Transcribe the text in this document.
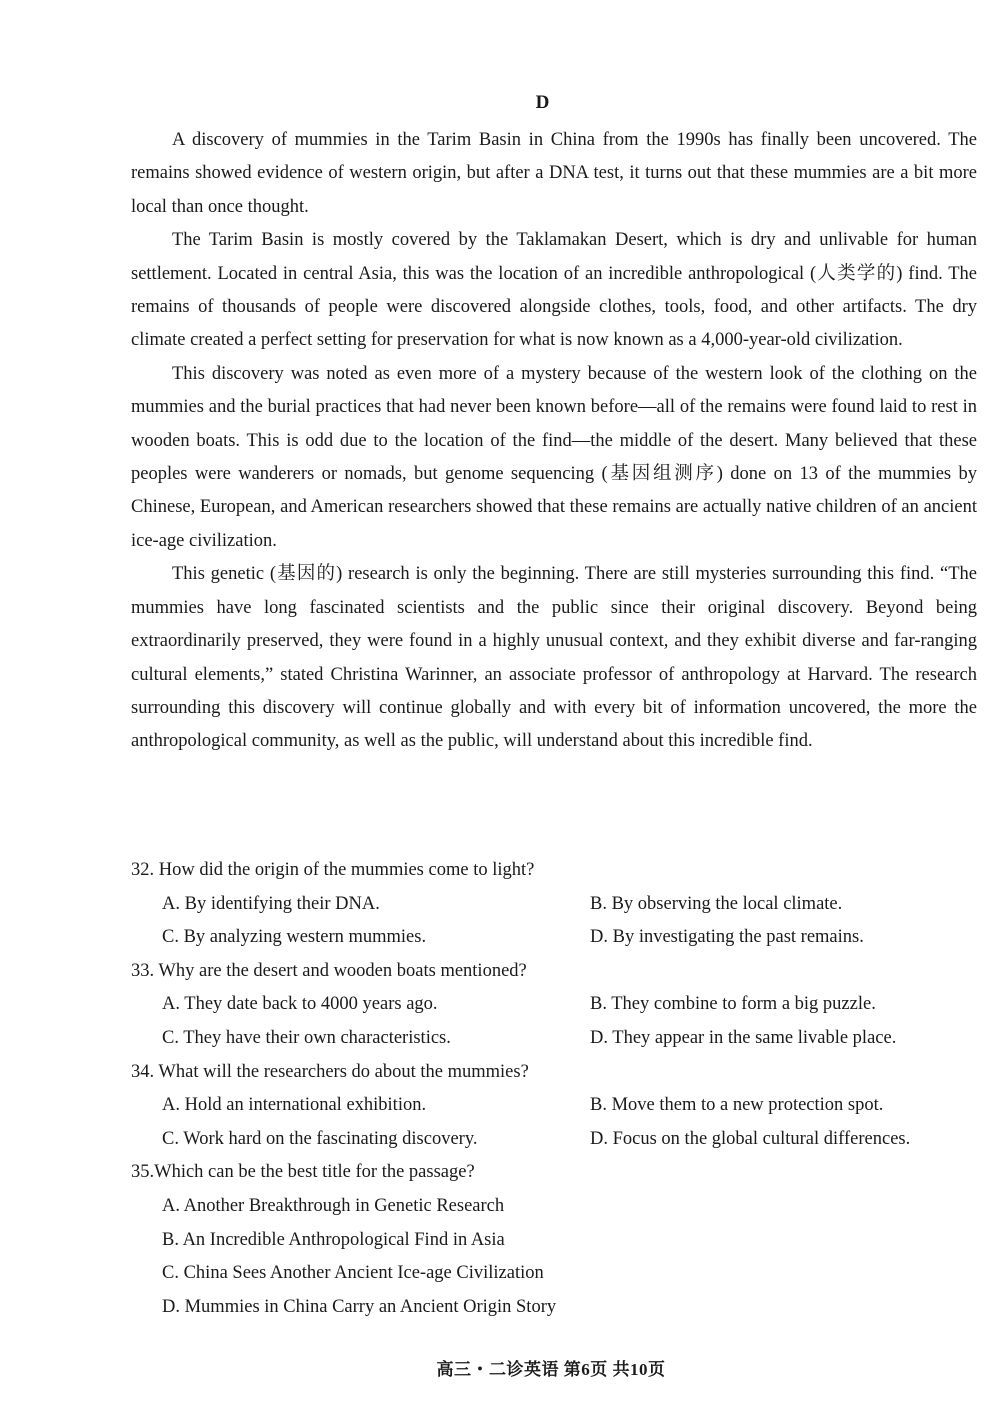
D

A discovery of mummies in the Tarim Basin in China from the 1990s has finally been uncovered. The remains showed evidence of western origin, but after a DNA test, it turns out that these mummies are a bit more local than once thought.

The Tarim Basin is mostly covered by the Taklamakan Desert, which is dry and unlivable for human settlement. Located in central Asia, this was the location of an incredible anthropological (人类学的) find. The remains of thousands of people were discovered alongside clothes, tools, food, and other artifacts. The dry climate created a perfect setting for preservation for what is now known as a 4,000-year-old civilization.

This discovery was noted as even more of a mystery because of the western look of the clothing on the mummies and the burial practices that had never been known before—all of the remains were found laid to rest in wooden boats. This is odd due to the location of the find—the middle of the desert. Many believed that these peoples were wanderers or nomads, but genome sequencing (基因组测序) done on 13 of the mummies by Chinese, European, and American researchers showed that these remains are actually native children of an ancient ice-age civilization.

This genetic (基因的) research is only the beginning. There are still mysteries surrounding this find. “The mummies have long fascinated scientists and the public since their original discovery. Beyond being extraordinarily preserved, they were found in a highly unusual context, and they exhibit diverse and far-ranging cultural elements,” stated Christina Warinner, an associate professor of anthropology at Harvard. The research surrounding this discovery will continue globally and with every bit of information uncovered, the more the anthropological community, as well as the public, will understand about this incredible find.

32. How did the origin of the mummies come to light?

A. By identifying their DNA.	B. By observing the local climate.
C. By analyzing western mummies.	D. By investigating the past remains.

33. Why are the desert and wooden boats mentioned?

A. They date back to 4000 years ago.	B. They combine to form a big puzzle.
C. They have their own characteristics.	D. They appear in the same livable place.

34. What will the researchers do about the mummies?

A. Hold an international exhibition.	B. Move them to a new protection spot.
C. Work hard on the fascinating discovery.	D. Focus on the global cultural differences.

35.Which can be the best title for the passage?

A. Another Breakthrough in Genetic Research

B. An Incredible Anthropological Find in Asia

C. China Sees Another Ancient Ice-age Civilization

D. Mummies in China Carry an Ancient Origin Story

高三・二诊英语 第6页 共10页
